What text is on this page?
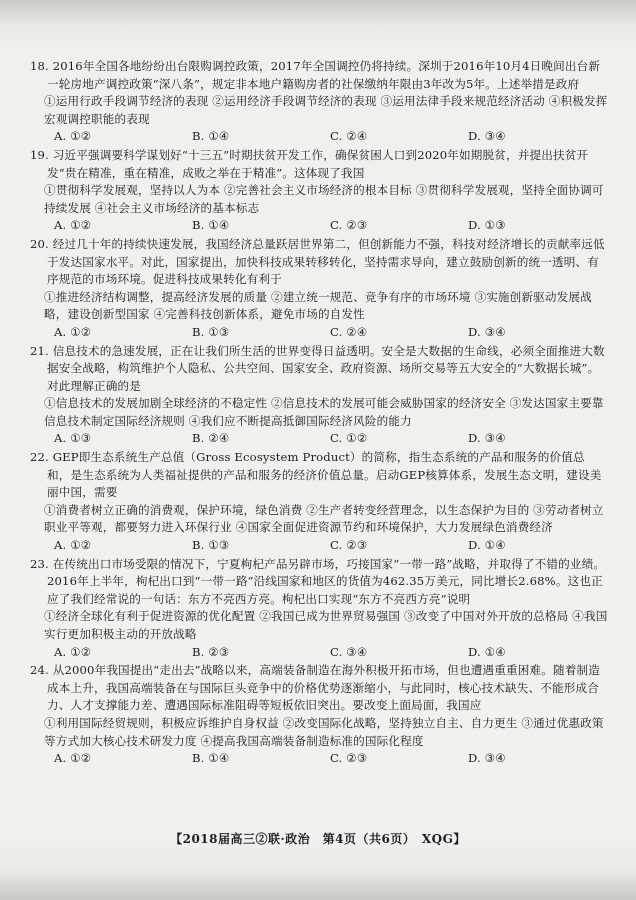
18. 2016年全国各地纷纷出台限购调控政策，2017年全国调控仍将持续。深圳于2016年10月4日晚间出台新一轮房地产调控政策“深八条”，规定非本地户籍购房者的社保缴纳年限由3年改为5年。上述举措是政府
①运用行政手段调节经济的表现 ②运用经济手段调节经济的表现 ③运用法律手段来规范经济活动 ④积极发挥宏观调控职能的表现
A. ①②	B. ①④	C. ②④	D. ③④
19. 习近平强调要科学谋划好“十三五”时期扶贫开发工作，确保贫困人口到2020年如期脱贫，并提出扶贫开发“贵在精准，重在精准，成败之举在于精准”。这体现了我国
①贯彻科学发展观，坚持以人为本 ②完善社会主义市场经济的根本目标 ③贯彻科学发展观，坚持全面协调可持续发展 ④社会主义市场经济的基本标志
A. ①②	B. ①④	C. ②③	D. ①③
20. 经过几十年的持续快速发展，我国经济总量跃居世界第二，但创新能力不强，科技对经济增长的贡献率远低于发达国家水平。对此，国家提出，加快科技成果转移转化，坚持需求导向，建立鼓励创新的统一透明、有序规范的市场环境。促进科技成果转化有利于
①推进经济结构调整，提高经济发展的质量 ②建立统一规范、竞争有序的市场环境 ③实施创新驱动发展战略，建设创新型国家 ④完善科技创新体系，避免市场的自发性
A. ①②	B. ①③	C. ②④	D. ③④
21. 信息技术的急速发展，正在让我们所生活的世界变得日益透明。安全是大数据的生命线，必须全面推进大数据安全战略，构筑维护个人隐私、公共空间、国家安全、政府资源、场所交易等五大安全的“大数据长城”。对此理解正确的是
①信息技术的发展加剧全球经济的不稳定性 ②信息技术的发展可能会威胁国家的经济安全 ③发达国家主要靠信息技术制定国际经济规则 ④我们应不断提高抵御国际经济风险的能力
A. ①③	B. ②④	C. ①②	D. ③④
22. GEP即生态系统生产总值（Gross Ecosystem Product）的简称，指生态系统的产品和服务的价值总和，是生态系统为人类福祉提供的产品和服务的经济价值总量。启动GEP核算体系，发展生态文明，建设美丽中国，需要
①消费者树立正确的消费观，保护环境，绿色消费 ②生产者转变经营理念，以生态保护为目的 ③劳动者树立职业平等观，都要努力进入环保行业 ④国家全面促进资源节约和环境保护，大力发展绿色消费经济
A. ①②	B. ①③	C. ②③	D. ①④
23. 在传统出口市场受限的情况下，宁夏枸杞产品另辟市场，巧接国家“一带一路”战略，并取得了不错的业绩。2016年上半年，枸杞出口到“一带一路”沿线国家和地区的货值为462.35万美元，同比增长2.68%。这也正应了我们经常说的一句话：东方不亮西方亮。枸杞出口实现“东方不亮西方亮”说明
①经济全球化有利于促进资源的优化配置 ②我国已成为世界贸易强国 ③改变了中国对外开放的总格局 ④我国实行更加积极主动的开放战略
A. ①②	B. ②③	C. ③④	D. ①④
24. 从2000年我国提出“走出去”战略以来，高端装备制造在海外积极开拓市场，但也遭遇重重困难。随着制造成本上升，我国高端装备在与国际巨头竞争中的价格优势逐渐缩小，与此同时，核心技术缺失、不能形成合力、人才支撑能力差、遭遇国际标准阻碍等短板依旧突出。要改变上面局面，我国应
①利用国际经贸规则，积极应诉维护自身权益 ②改变国际化战略，坚持独立自主、自力更生 ③通过优惠政策等方式加大核心技术研发力度 ④提高我国高端装备制造标准的国际化程度
A. ①②	B. ①④	C. ②③	D. ③④
【2018届高三②联·政治　第4页（共6页）　XQG】
